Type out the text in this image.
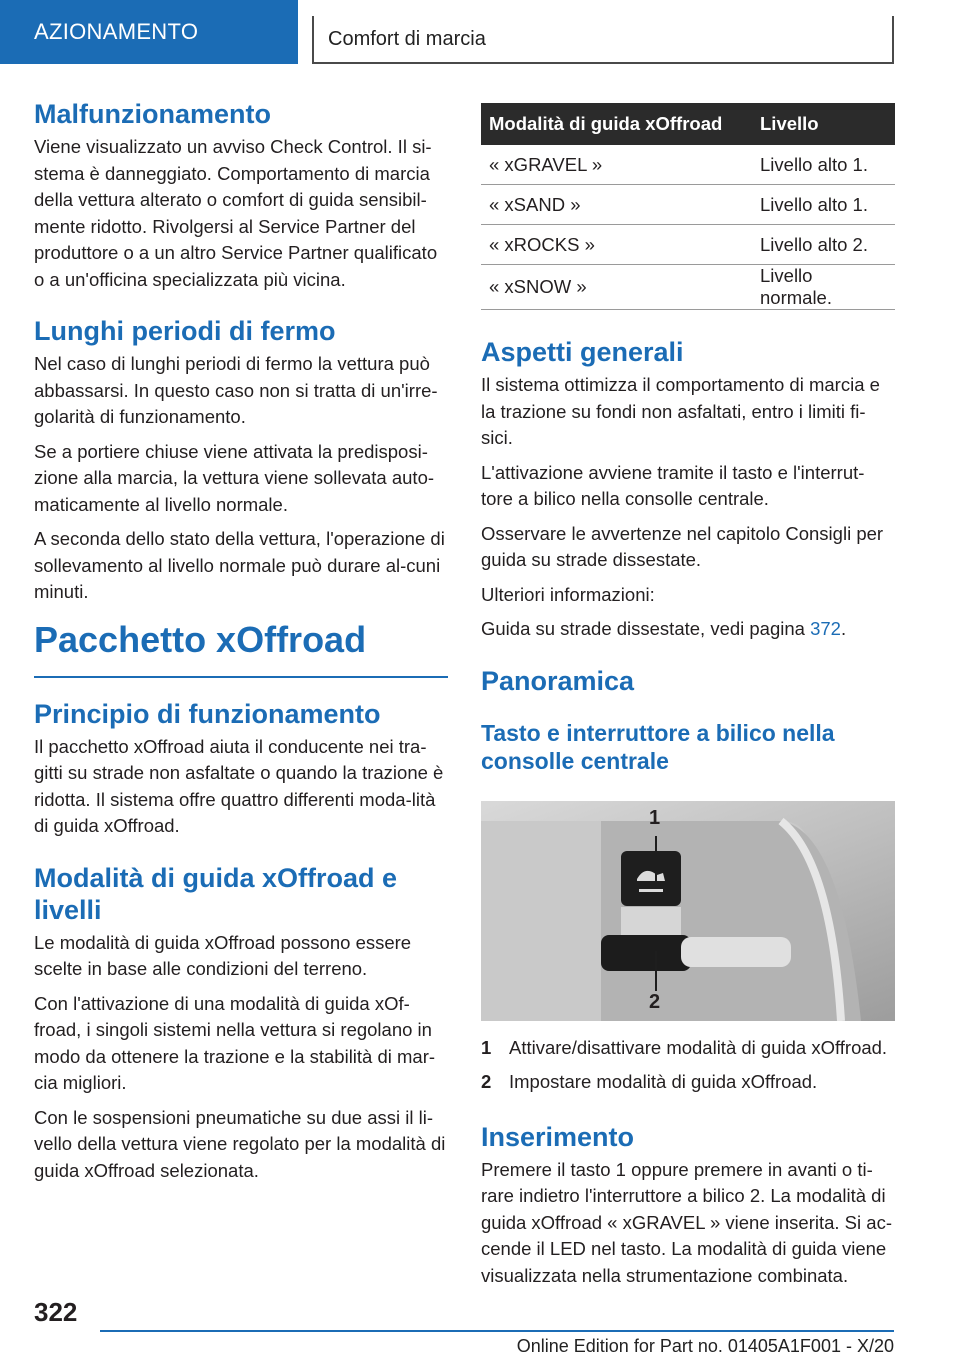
AZIONAMENTO	Comfort di marcia
Malfunzionamento

Viene visualizzato un avviso Check Control. Il si-stema è danneggiato. Comportamento di marcia della vettura alterato o comfort di guida sensibil-mente ridotto. Rivolgersi al Service Partner del produttore o a un altro Service Partner qualificato o a un'officina specializzata più vicina.

Lunghi periodi di fermo

Nel caso di lunghi periodi di fermo la vettura può abbassarsi. In questo caso non si tratta di un'irre-golarità di funzionamento.

Se a portiere chiuse viene attivata la predisposi-zione alla marcia, la vettura viene sollevata auto-maticamente al livello normale.

A seconda dello stato della vettura, l'operazione di sollevamento al livello normale può durare al-cuni minuti.

Pacchetto xOffroad
Principio di funzionamento

Il pacchetto xOffroad aiuta il conducente nei tra-gitti su strade non asfaltate o quando la trazione è ridotta. Il sistema offre quattro differenti moda-lità di guida xOffroad.

Modalità di guida xOffroad e livelli

Le modalità di guida xOffroad possono essere scelte in base alle condizioni del terreno.

Con l'attivazione di una modalità di guida xOf-froad, i singoli sistemi nella vettura si regolano in modo da ottenere la trazione e la stabilità di mar-cia migliori.

Con le sospensioni pneumatiche su due assi il li-vello della vettura viene regolato per la modalità di guida xOffroad selezionata.

Modalità di guida xOffroad	Livello
« xGRAVEL »	Livello alto 1.
« xSAND »	Livello alto 1.
« xROCKS »	Livello alto 2.
« xSNOW »	Livello normale.
Aspetti generali

Il sistema ottimizza il comportamento di marcia e la trazione su fondi non asfaltati, entro i limiti fi-sici.

L'attivazione avviene tramite il tasto e l'interrut-tore a bilico nella consolle centrale.

Osservare le avvertenze nel capitolo Consigli per guida su strade dissestate.

Ulteriori informazioni:

Guida su strade dissestate, vedi pagina 372.

Panoramica
Tasto e interruttore a bilico nella consolle centrale
1
2
1 Attivare/disattivare modalità di guida xOffroad.
2 Impostare modalità di guida xOffroad.
Inserimento

Premere il tasto 1 oppure premere in avanti o ti-rare indietro l'interruttore a bilico 2. La modalità di guida xOffroad « xGRAVEL » viene inserita. Si ac-cende il LED nel tasto. La modalità di guida viene visualizzata nella strumentazione combinata.

322
Online Edition for Part no. 01405A1F001 - X/20
